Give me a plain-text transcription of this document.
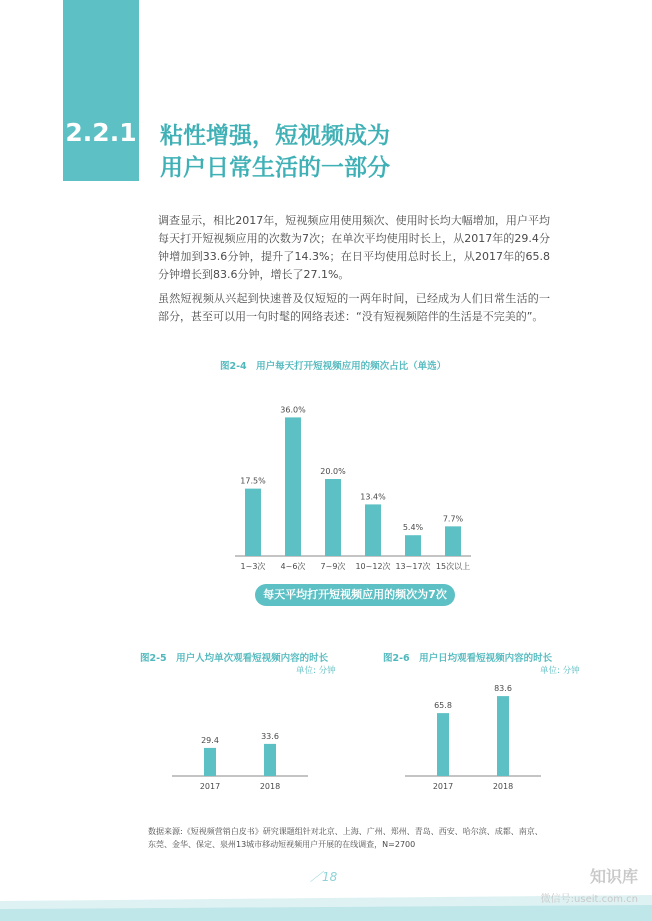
2.2.1 粘性增强，短视频成为
用户日常生活的一部分

调查显示，相比2017年，短视频应用使用频次、使用时长均大幅增加，用户平均每天打开短视频应用的次数为7次；在单次平均使用时长上，从2017年的29.4分钟增加到33.6分钟，提升了14.3%；在日平均使用总时长上，从2017年的65.8分钟增长到83.6分钟，增长了27.1%。

虽然短视频从兴起到快速普及仅短短的一两年时间，已经成为人们日常生活的一部分，甚至可以用一句时髦的网络表述：“没有短视频陪伴的生活是不完美的”。

图2-4　用户每天打开短视频应用的频次占比（单选）
17.5%
1~3次
36.0%
4~6次
20.0%
7~9次
13.4%
10~12次
5.4%
13~17次
7.7%
15次以上
每天平均打开短视频应用的频次为7次
图2-5　用户人均单次观看短视频内容的时长
单位: 分钟
29.4
2017
33.6
2018
图2-6　用户日均观看短视频内容的时长
单位: 分钟
65.8
2017
83.6
2018

数据来源:《短视频营销白皮书》研究课题组针对北京、上海、广州、郑州、青岛、西安、哈尔滨、成都、南京、东莞、金华、保定、泉州13城市移动短视频用户开展的在线调查，N=2700

／18	知识库
微信号:useit.com.cn
